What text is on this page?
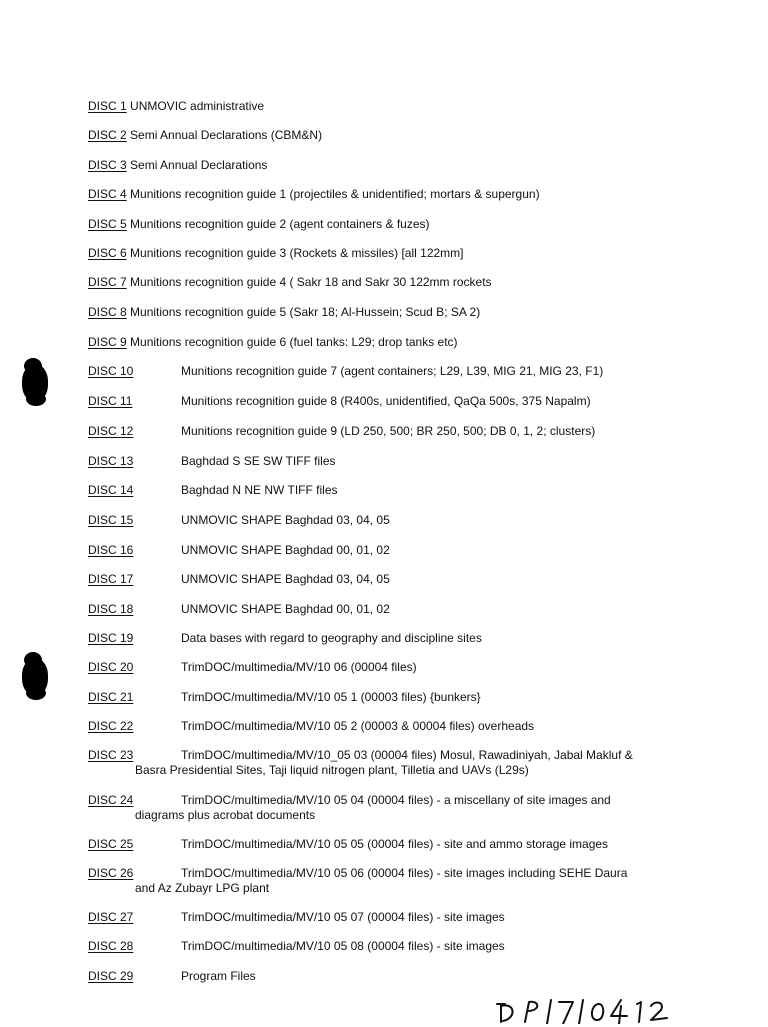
DISC 1 UNMOVIC administrative
DISC 2 Semi Annual Declarations (CBM&N)
DISC 3 Semi Annual Declarations
DISC 4 Munitions recognition guide 1 (projectiles & unidentified; mortars & supergun)
DISC 5 Munitions recognition guide 2 (agent containers & fuzes)
DISC 6 Munitions recognition guide 3 (Rockets & missiles) [all 122mm]
DISC 7 Munitions recognition guide 4 ( Sakr 18 and Sakr 30 122mm rockets
DISC 8 Munitions recognition guide 5 (Sakr 18; Al-Hussein; Scud B; SA 2)
DISC 9 Munitions recognition guide 6 (fuel tanks: L29; drop tanks etc)
DISC 10	Munitions recognition guide 7 (agent containers; L29, L39, MIG 21, MIG 23, F1)
DISC 11	Munitions recognition guide 8 (R400s, unidentified, QaQa 500s, 375 Napalm)
DISC 12	Munitions recognition guide 9 (LD 250, 500; BR 250, 500; DB 0, 1, 2; clusters)
DISC 13	Baghdad S SE SW TIFF files
DISC 14	Baghdad N NE NW TIFF files
DISC 15	UNMOVIC SHAPE Baghdad 03, 04, 05
DISC 16	UNMOVIC SHAPE Baghdad 00, 01, 02
DISC 17	UNMOVIC SHAPE Baghdad 03, 04, 05
DISC 18	UNMOVIC SHAPE Baghdad 00, 01, 02
DISC 19	Data bases with regard to geography and discipline sites
DISC 20	TrimDOC/multimedia/MV/10 06 (00004 files)
DISC 21	TrimDOC/multimedia/MV/10 05 1 (00003 files) {bunkers}
DISC 22	TrimDOC/multimedia/MV/10 05 2 (00003 & 00004 files) overheads
DISC 23	TrimDOC/multimedia/MV/10_05 03 (00004 files) Mosul, Rawadiniyah, Jabal Makluf &
Basra Presidential Sites, Taji liquid nitrogen plant, Tilletia and UAVs (L29s)
DISC 24	TrimDOC/multimedia/MV/10 05 04 (00004 files) - a miscellany of site images and
diagrams plus acrobat documents
DISC 25	TrimDOC/multimedia/MV/10 05 05 (00004 files) - site and ammo storage images
DISC 26	TrimDOC/multimedia/MV/10 05 06 (00004 files) - site images including SEHE Daura
and Az Zubayr LPG plant
DISC 27	TrimDOC/multimedia/MV/10 05 07 (00004 files) - site images
DISC 28	TrimDOC/multimedia/MV/10 05 08 (00004 files) - site images
DISC 29	Program Files
